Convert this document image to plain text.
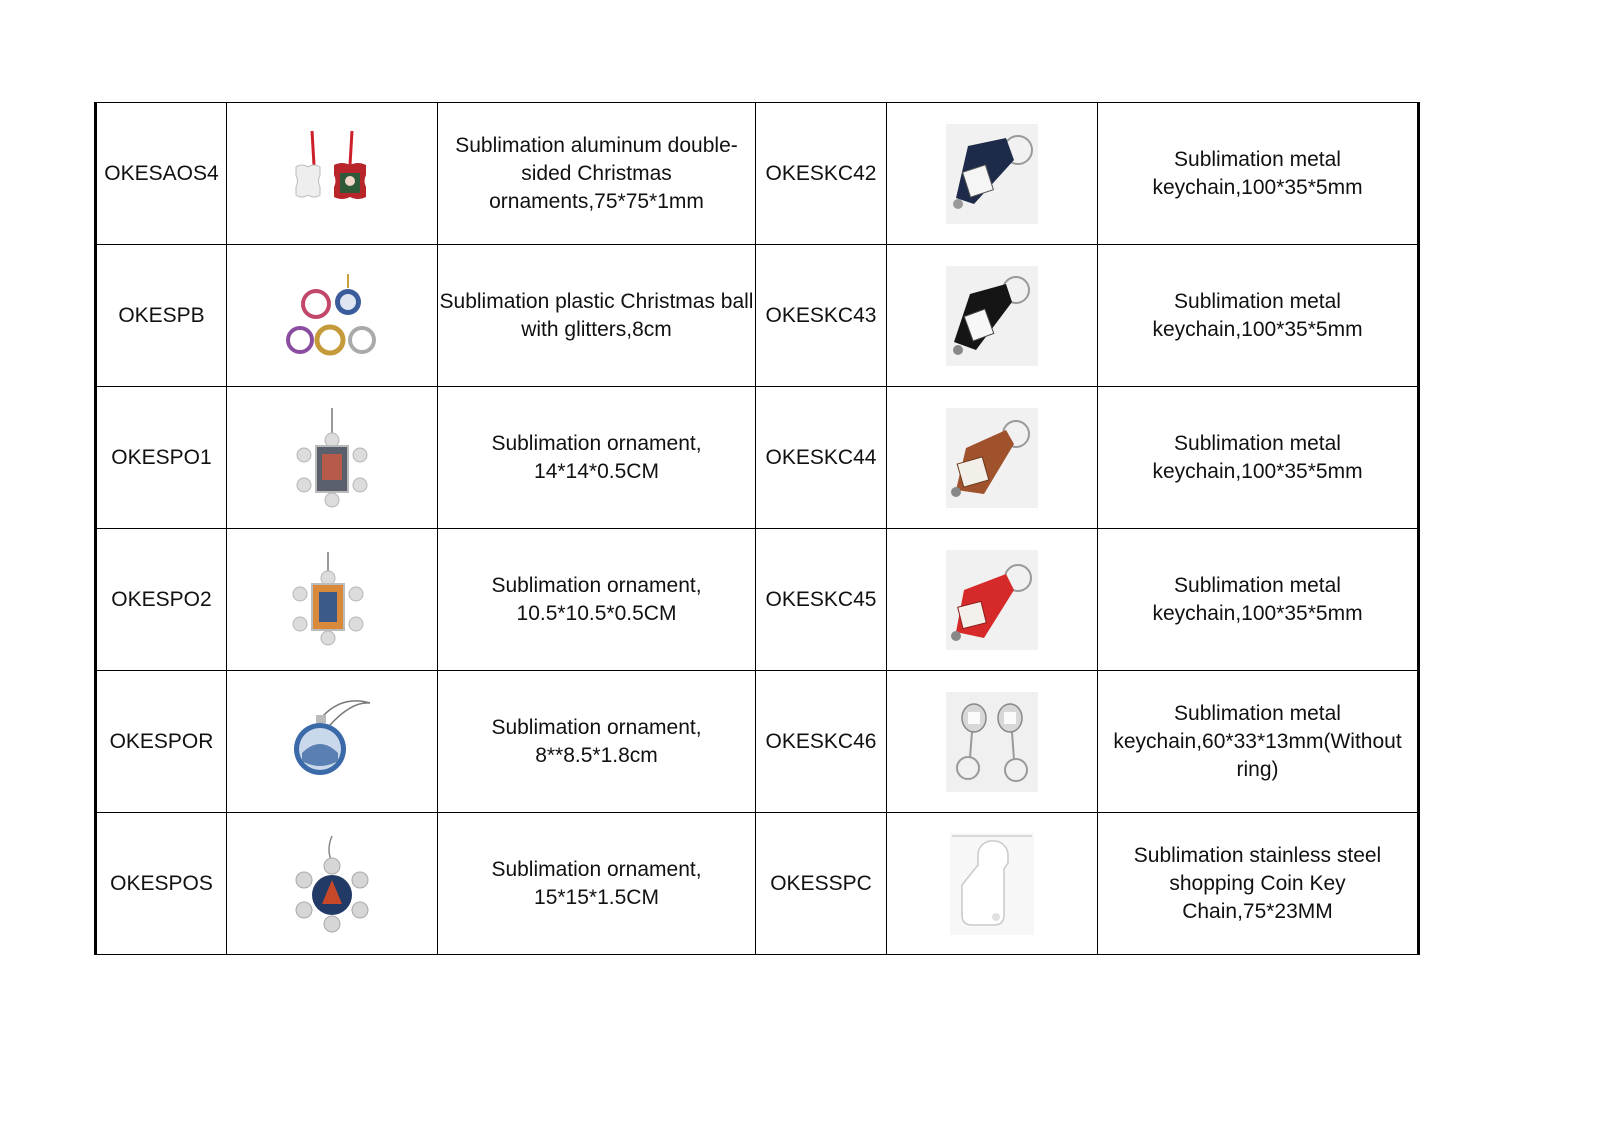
OKESAOS4		Sublimation aluminum double-sided Christmas ornaments,75*75*1mm	OKESKC42		Sublimation metal keychain,100*35*5mm
OKESPB		Sublimation plastic Christmas ball with glitters,8cm	OKESKC43		Sublimation metal keychain,100*35*5mm
OKESPO1		Sublimation ornament, 14*14*0.5CM	OKESKC44		Sublimation metal keychain,100*35*5mm
OKESPO2		Sublimation ornament, 10.5*10.5*0.5CM	OKESKC45		Sublimation metal keychain,100*35*5mm
OKESPOR		Sublimation ornament, 8**8.5*1.8cm	OKESKC46		Sublimation metal keychain,60*33*13mm(Without ring)
OKESPOS		Sublimation ornament, 15*15*1.5CM	OKESSPC		Sublimation stainless steel shopping Coin Key Chain,75*23MM
